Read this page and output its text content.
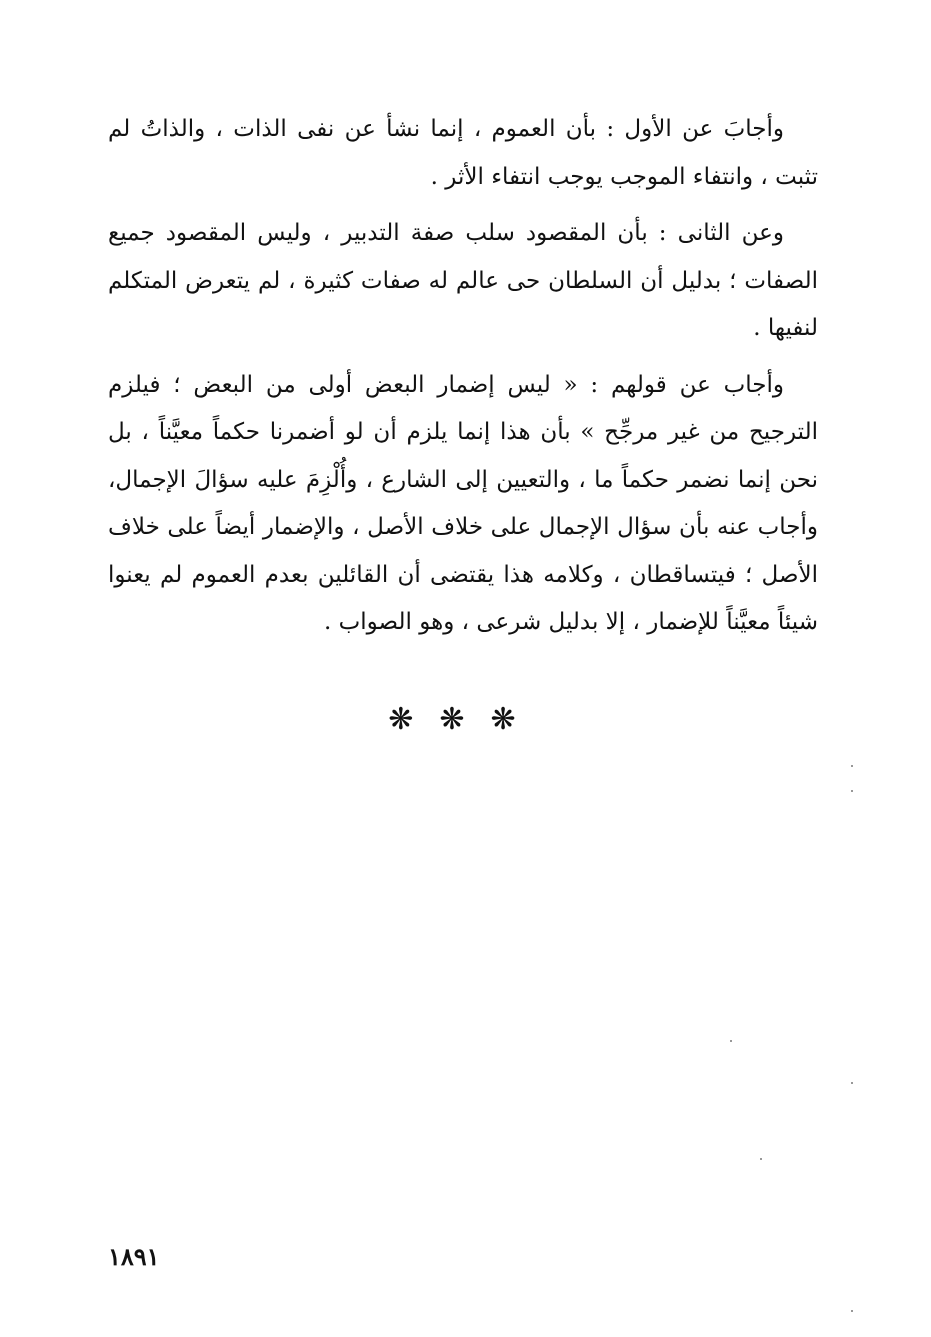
وأجابَ عن الأول : بأن العموم ، إنما نشأ عن نفى الذات ، والذاتُ لم تثبت ، وانتفاء الموجب يوجب انتفاء الأثر .

وعن الثانى : بأن المقصود سلب صفة التدبير ، وليس المقصود جميع الصفات ؛ بدليل أن السلطان حى عالم له صفات كثيرة ، لم يتعرض المتكلم لنفيها .

وأجاب عن قولهم : « ليس إضمار البعض أولى من البعض ؛ فيلزم الترجيح من غير مرجِّح » بأن هذا إنما يلزم أن لو أضمرنا حكماً معيَّناً ، بل نحن إنما نضمر حكماً ما ، والتعيين إلى الشارع ، وأُلْزِمَ عليه سؤالَ الإجمال، وأجاب عنه بأن سؤال الإجمال على خلاف الأصل ، والإضمار أيضاً على خلاف الأصل ؛ فيتساقطان ، وكلامه هذا يقتضى أن القائلين بعدم العموم لم يعنوا شيئاً معيَّناً للإضمار ، إلا بدليل شرعى ، وهو الصواب .

❋❋❋
١٨٩١
